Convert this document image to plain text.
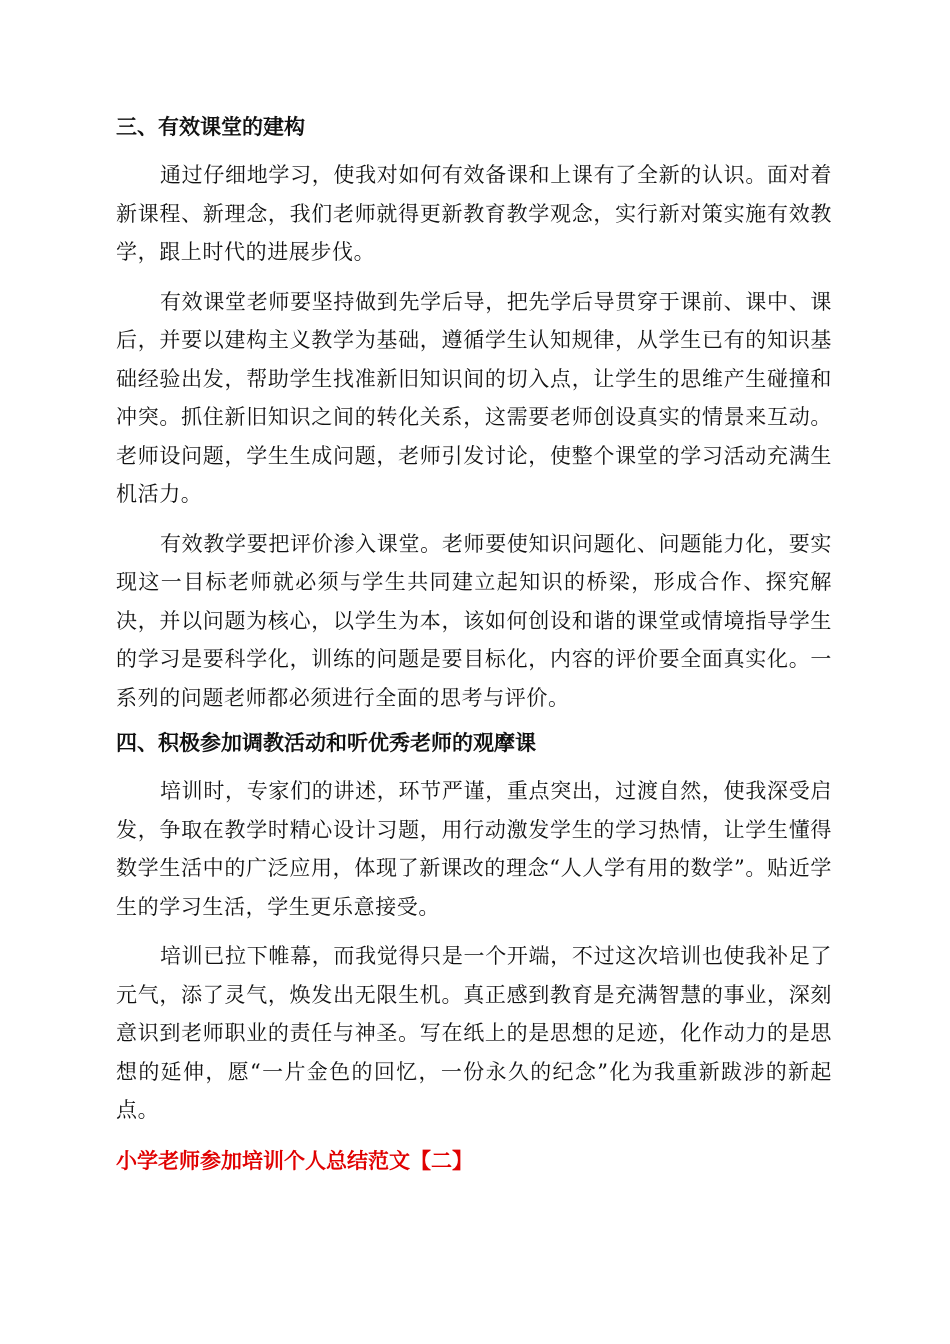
三、有效课堂的建构

通过仔细地学习，使我对如何有效备课和上课有了全新的认识。面对着新课程、新理念，我们老师就得更新教育教学观念，实行新对策实施有效教学，跟上时代的进展步伐。

有效课堂老师要坚持做到先学后导，把先学后导贯穿于课前、课中、课后，并要以建构主义教学为基础，遵循学生认知规律，从学生已有的知识基础经验出发，帮助学生找准新旧知识间的切入点，让学生的思维产生碰撞和冲突。抓住新旧知识之间的转化关系，这需要老师创设真实的情景来互动。老师设问题，学生生成问题，老师引发讨论，使整个课堂的学习活动充满生机活力。

有效教学要把评价渗入课堂。老师要使知识问题化、问题能力化，要实现这一目标老师就必须与学生共同建立起知识的桥梁，形成合作、探究解决，并以问题为核心，以学生为本，该如何创设和谐的课堂或情境指导学生的学习是要科学化，训练的问题是要目标化，内容的评价要全面真实化。一系列的问题老师都必须进行全面的思考与评价。

四、积极参加调教活动和听优秀老师的观摩课

培训时，专家们的讲述，环节严谨，重点突出，过渡自然，使我深受启发，争取在教学时精心设计习题，用行动激发学生的学习热情，让学生懂得数学生活中的广泛应用，体现了新课改的理念“人人学有用的数学”。贴近学生的学习生活，学生更乐意接受。

培训已拉下帷幕，而我觉得只是一个开端，不过这次培训也使我补足了元气，添了灵气，焕发出无限生机。真正感到教育是充满智慧的事业，深刻意识到老师职业的责任与神圣。写在纸上的是思想的足迹，化作动力的是思想的延伸，愿“一片金色的回忆，一份永久的纪念”化为我重新跋涉的新起点。

小学老师参加培训个人总结范文【二】
